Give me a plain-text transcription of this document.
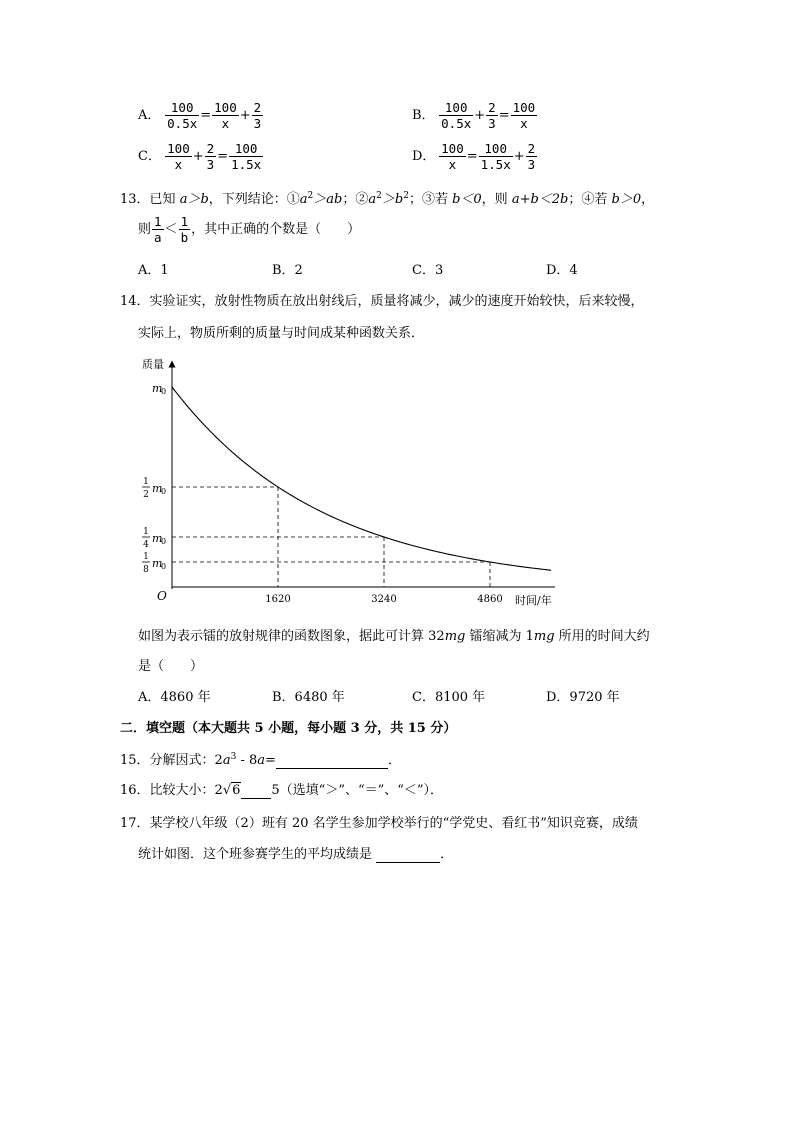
A． $\frac{100}{0.5x} = \frac{100}{x} + \frac{2}{3}$	B． $\frac{100}{0.5x} + \frac{2}{3} = \frac{100}{x}$
C． $\frac{100}{x} + \frac{2}{3} = \frac{100}{1.5x}$	D． $\frac{100}{x} = \frac{100}{1.5x} + \frac{2}{3}$
13．已知 a＞b，下列结论：$①a^2>ab$；$②a^2>b^2$；③若 b＜0，则 a+b＜2b；④若 b＞0，
则 $\frac{1}{a} < \frac{1}{b}$ ，其中正确的个数是（　　）
A．1	B．2	C．3	D．4
14．实验证实，放射性物质在放出射线后，质量将减少，减少的速度开始较快，后来较慢，
实际上，物质所剩的质量与时间成某种函数关系．
1620	3240	4860
m
0
m
0
1
2
m
0
1
4
m
0
1
8
质量
时间/年
O
如图为表示镭的放射规律的函数图象，据此可计算 32mg 镭缩减为 1mg 所用的时间大约
是（　　）
A．4860 年	B．6480 年	C．8100 年	D．9720 年
二．填空题（本大题共 5 小题，每小题 3 分，共 15 分）
15．分解因式：$2a^3 - 8a=$	．
16．比较大小：2√6 5（选填“＞”、“＝”、“＜”）．
17．某学校八年级（2）班有 20 名学生参加学校举行的“学党史、看红书”知识竞赛，成绩
统计如图．这个班参赛学生的平均成绩是	．
